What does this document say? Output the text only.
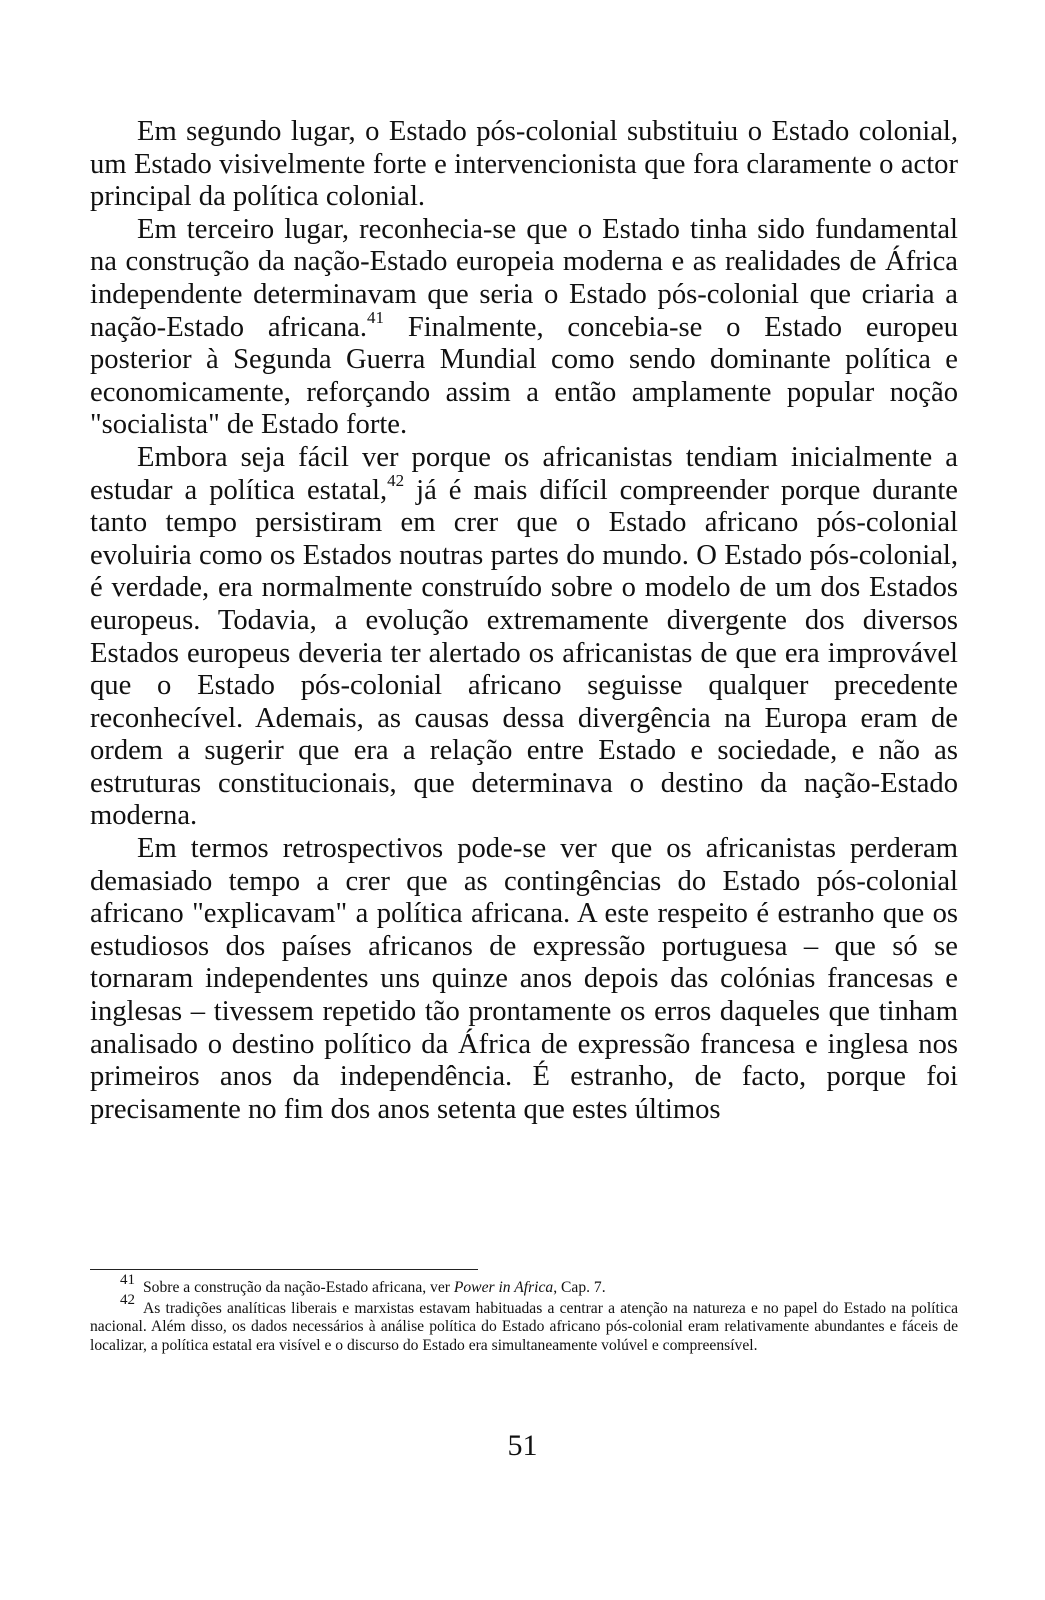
Em segundo lugar, o Estado pós-colonial substituiu o Estado colonial, um Estado visivelmente forte e intervencionista que fora claramente o actor principal da política colonial.

Em terceiro lugar, reconhecia-se que o Estado tinha sido fundamental na construção da nação-Estado europeia moderna e as realidades de África independente determinavam que seria o Estado pós-colonial que criaria a nação-Estado africana.$^{41}$ Finalmente, concebia-se o Estado europeu posterior à Segunda Guerra Mundial como sendo dominante política e economicamente, reforçando assim a então amplamente popular noção "socialista" de Estado forte.

Embora seja fácil ver porque os africanistas tendiam inicialmente a estudar a política estatal,$^{42}$ já é mais difícil compreender porque durante tanto tempo persistiram em crer que o Estado africano pós-colonial evoluiria como os Estados noutras partes do mundo. O Estado pós-colonial, é verdade, era normalmente construído sobre o modelo de um dos Estados europeus. Todavia, a evolução extremamente divergente dos diversos Estados europeus deveria ter alertado os africanistas de que era improvável que o Estado pós-colonial africano seguisse qualquer precedente reconhecível. Ademais, as causas dessa divergência na Europa eram de ordem a sugerir que era a relação entre Estado e sociedade, e não as estruturas constitucionais, que determinava o destino da nação-Estado moderna.

Em termos retrospectivos pode-se ver que os africanistas perderam demasiado tempo a crer que as contingências do Estado pós-colonial africano "explicavam" a política africana. A este respeito é estranho que os estudiosos dos países africanos de expressão portuguesa – que só se tornaram independentes uns quinze anos depois das colónias francesas e inglesas – tivessem repetido tão prontamente os erros daqueles que tinham analisado o destino político da África de expressão francesa e inglesa nos primeiros anos da independência. É estranho, de facto, porque foi precisamente no fim dos anos setenta que estes últimos

$^{41}$ Sobre a construção da nação-Estado africana, ver Power in Africa, Cap. 7.

$^{42}$ As tradições analíticas liberais e marxistas estavam habituadas a centrar a atenção na natureza e no papel do Estado na política nacional. Além disso, os dados necessários à análise política do Estado africano pós-colonial eram relativamente abundantes e fáceis de localizar, a política estatal era visível e o discurso do Estado era simultaneamente volúvel e compreensível.

51
